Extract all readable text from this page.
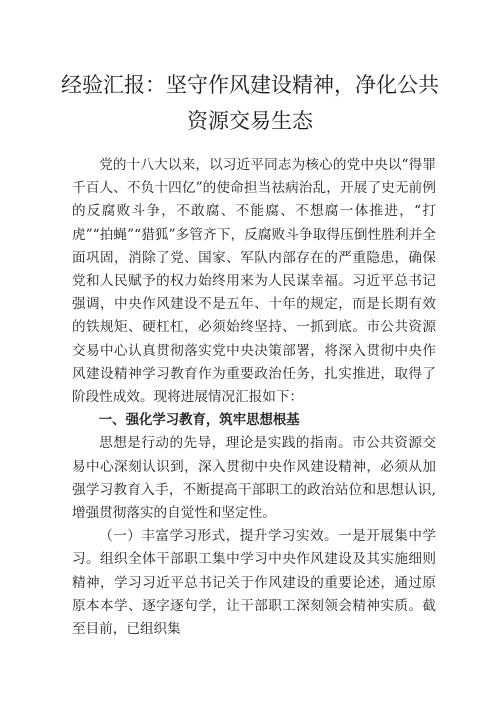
经验汇报：坚守作风建设精神，净化公共
资源交易生态

党的十八大以来，以习近平同志为核心的党中央以“得罪千百人、不负十四亿”的使命担当祛病治乱，开展了史无前例的反腐败斗争，不敢腐、不能腐、不想腐一体推进，“打虎”“拍蝇”“猎狐”多管齐下，反腐败斗争取得压倒性胜利并全面巩固，消除了党、国家、军队内部存在的严重隐患，确保党和人民赋予的权力始终用来为人民谋幸福。习近平总书记强调，中央作风建设不是五年、十年的规定，而是长期有效的铁规矩、硬杠杠，必须始终坚持、一抓到底。市公共资源交易中心认真贯彻落实党中央决策部署，将深入贯彻中央作风建设精神学习教育作为重要政治任务，扎实推进，取得了阶段性成效。现将进展情况汇报如下：

一、强化学习教育，筑牢思想根基

思想是行动的先导，理论是实践的指南。市公共资源交易中心深刻认识到，深入贯彻中央作风建设精神，必须从加强学习教育入手，不断提高干部职工的政治站位和思想认识,增强贯彻落实的自觉性和坚定性。

（一）丰富学习形式，提升学习实效。一是开展集中学习。组织全体干部职工集中学习中央作风建设及其实施细则精神，学习习近平总书记关于作风建设的重要论述，通过原原本本学、逐字逐句学，让干部职工深刻领会精神实质。截至目前，已组织集
